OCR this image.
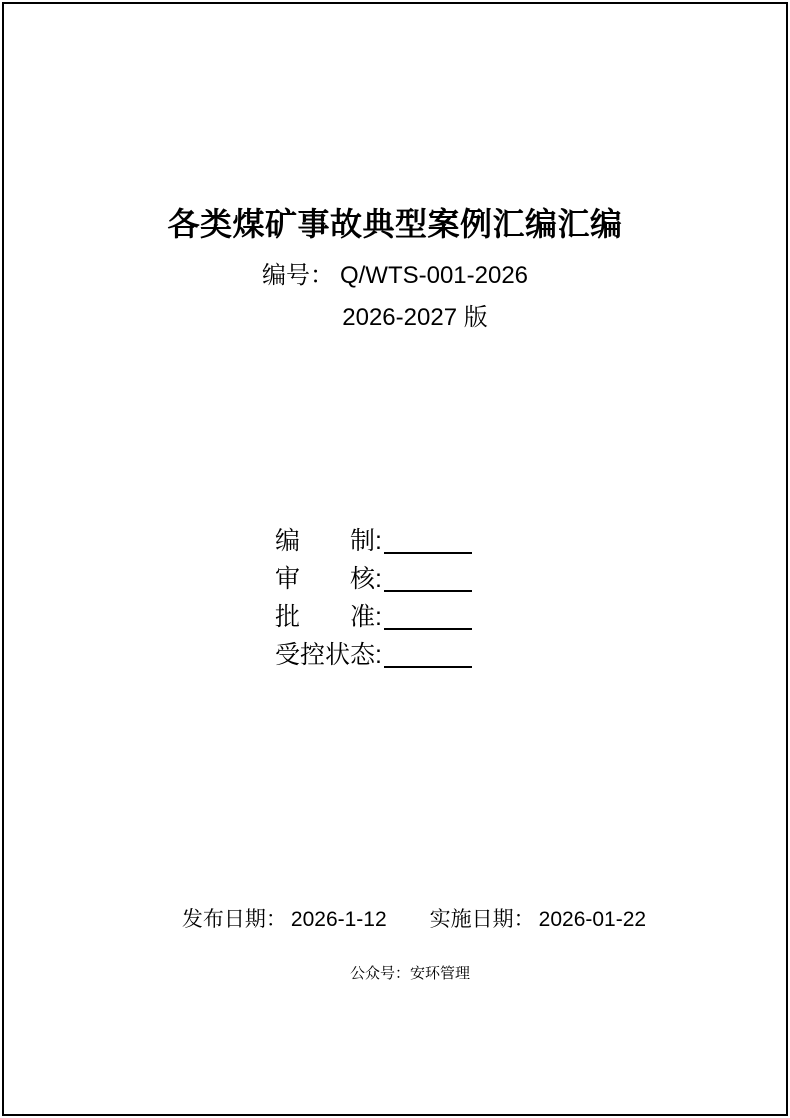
各类煤矿事故典型案例汇编汇编
编号： Q/WTS-001-2026
2026-2027 版
编 制 :
审 核 :
批 准 :
受控 状态 :
发布日期： 2026-1-12 实施日期： 2026-01-22
公众号：安环管理
